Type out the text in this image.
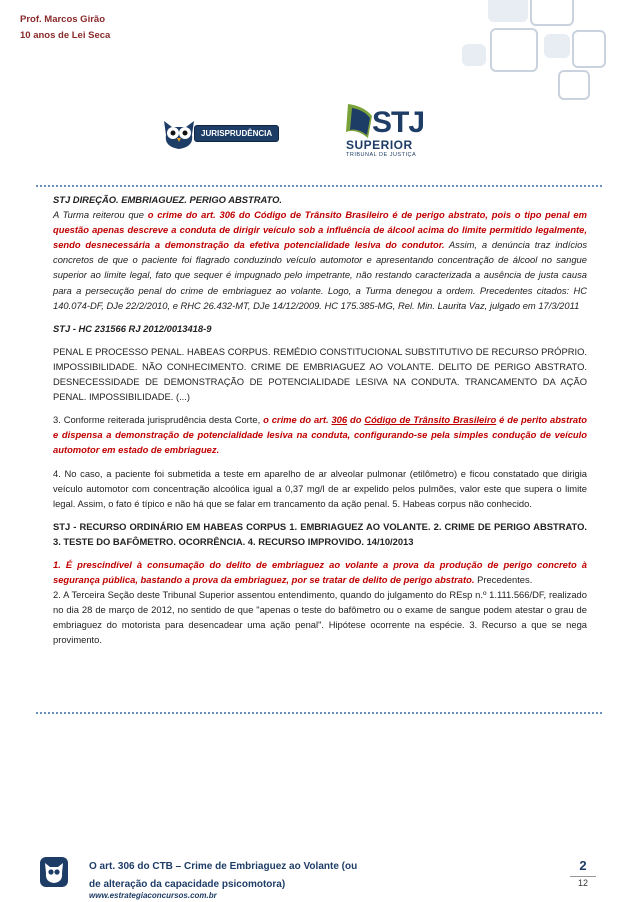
Prof. Marcos Girão
10 anos de Lei Seca
JURISPRUDÊNCIA	STJ
SUPERIOR
TRIBUNAL DE JUSTIÇA

STJ DIREÇÃO. EMBRIAGUEZ. PERIGO ABSTRATO.
A Turma reiterou que o crime do art. 306 do Código de Trânsito Brasileiro é de perigo abstrato, pois o tipo penal em questão apenas descreve a conduta de dirigir veículo sob a influência de álcool acima do limite permitido legalmente, sendo desnecessária a demonstração da efetiva potencialidade lesiva do condutor. Assim, a denúncia traz indícios concretos de que o paciente foi flagrado conduzindo veículo automotor e apresentando concentração de álcool no sangue superior ao limite legal, fato que sequer é impugnado pelo impetrante, não restando caracterizada a ausência de justa causa para a persecução penal do crime de embriaguez ao volante. Logo, a Turma denegou a ordem. Precedentes citados: HC 140.074-DF, DJe 22/2/2010, e RHC 26.432-MT, DJe 14/12/2009. HC 175.385-MG, Rel. Min. Laurita Vaz, julgado em 17/3/2011

STJ - HC 231566 RJ 2012/0013418-9

PENAL E PROCESSO PENAL. HABEAS CORPUS. REMÉDIO CONSTITUCIONAL SUBSTITUTIVO DE RECURSO PRÓPRIO. IMPOSSIBILIDADE. NÃO CONHECIMENTO. CRIME DE EMBRIAGUEZ AO VOLANTE. DELITO DE PERIGO ABSTRATO. DESNECESSIDADE DE DEMONSTRAÇÃO DE POTENCIALIDADE LESIVA NA CONDUTA. TRANCAMENTO DA AÇÃO PENAL. IMPOSSIBILIDADE. (...)

3. Conforme reiterada jurisprudência desta Corte, o crime do art. 306 do Código de Trânsito Brasileiro é de perito abstrato e dispensa a demonstração de potencialidade lesiva na conduta, configurando-se pela simples condução de veículo automotor em estado de embriaguez.

4. No caso, a paciente foi submetida a teste em aparelho de ar alveolar pulmonar (etilômetro) e ficou constatado que dirigia veículo automotor com concentração alcoólica igual a 0,37 mg/l de ar expelido pelos pulmões, valor este que supera o limite legal. Assim, o fato é típico e não há que se falar em trancamento da ação penal. 5. Habeas corpus não conhecido.

STJ - RECURSO ORDINÁRIO EM HABEAS CORPUS 1. EMBRIAGUEZ AO VOLANTE. 2. CRIME DE PERIGO ABSTRATO. 3. TESTE DO BAFÔMETRO. OCORRÊNCIA. 4. RECURSO IMPROVIDO. 14/10/2013

1. É prescindível à consumação do delito de embriaguez ao volante a prova da produção de perigo concreto à segurança pública, bastando a prova da embriaguez, por se tratar de delito de perigo abstrato. Precedentes.
2. A Terceira Seção deste Tribunal Superior assentou entendimento, quando do julgamento do REsp n.º 1.111.566/DF, realizado no dia 28 de março de 2012, no sentido de que "apenas o teste do bafômetro ou o exame de sangue podem atestar o grau de embriaguez do motorista para desencadear uma ação penal". Hipótese ocorrente na espécie. 3. Recurso a que se nega provimento.

O art. 306 do CTB – Crime de Embriaguez ao Volante (ou
de alteração da capacidade psicomotora)
www.estrategiaconcursos.com.br
2
12
